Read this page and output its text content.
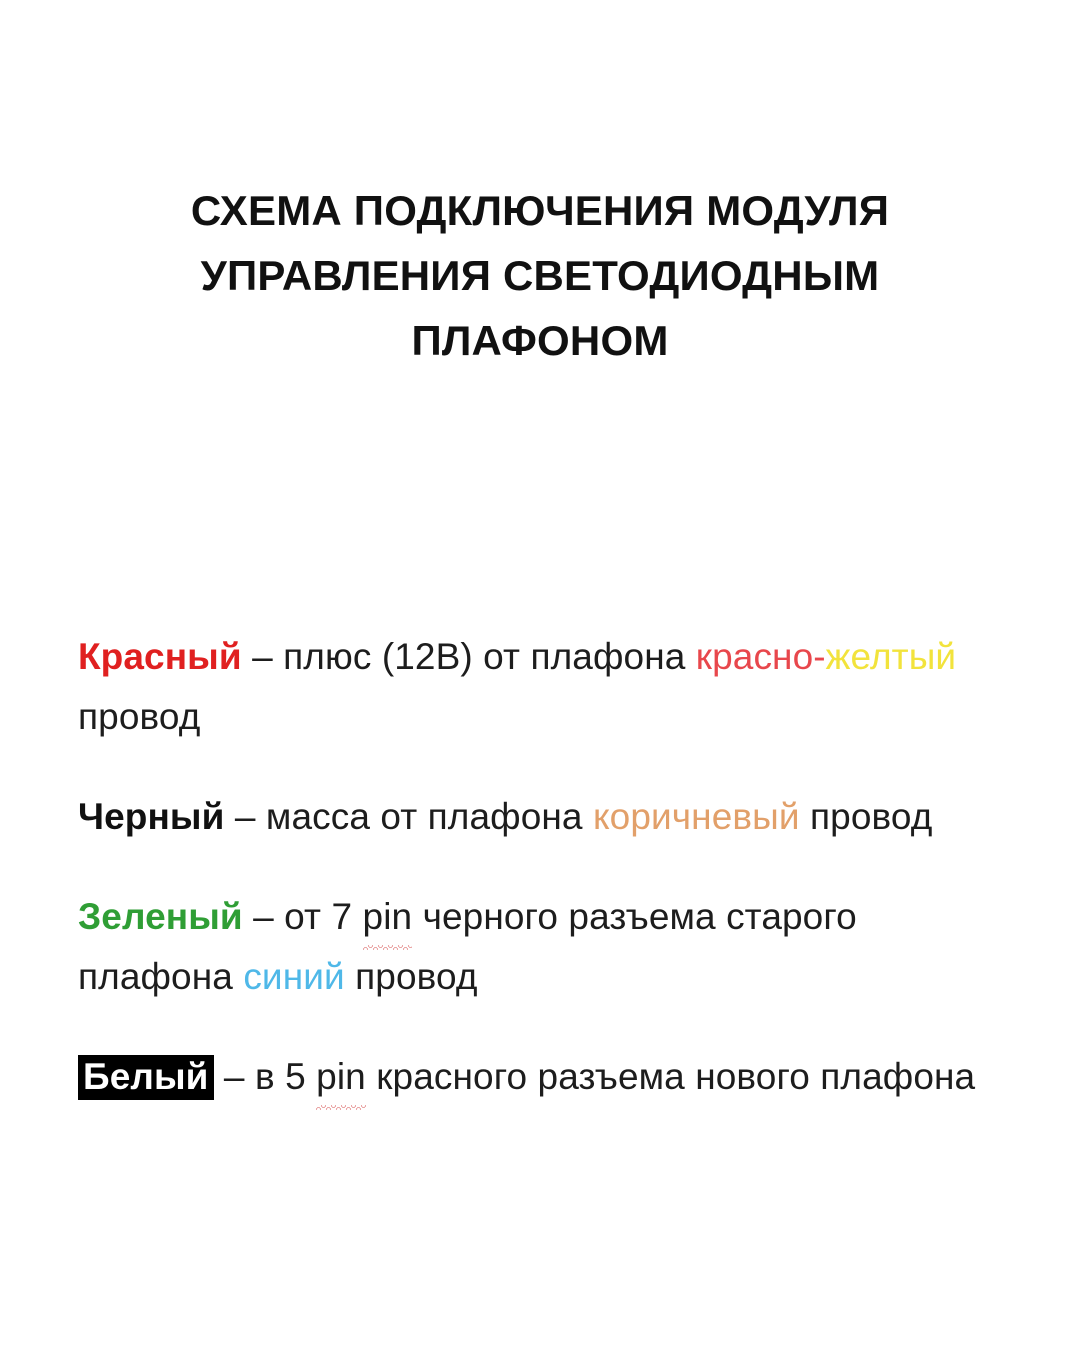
СХЕМА ПОДКЛЮЧЕНИЯ МОДУЛЯ УПРАВЛЕНИЯ СВЕТОДИОДНЫМ ПЛАФОНОМ

Красный – плюс (12В) от плафона красно-желтый провод

Черный – масса от плафона коричневый провод

Зеленый – от 7 pin черного разъема старого плафона синий провод

Белый – в 5 pin красного разъема нового плафона
